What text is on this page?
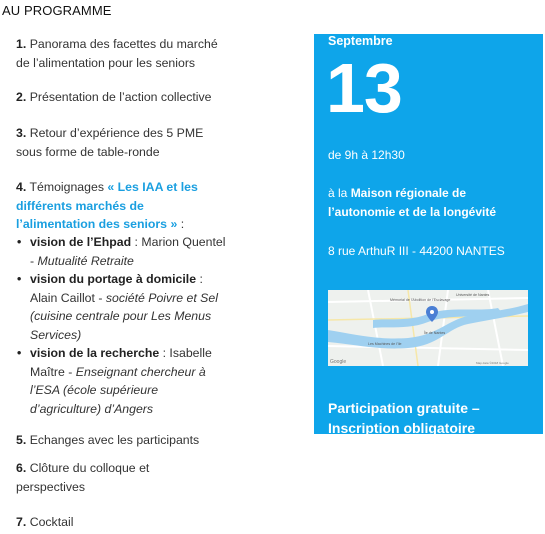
AU PROGRAMME
1. Panorama des facettes du marché de l’alimentation pour les seniors
2. Présentation de l’action collective
3. Retour d’expérience des 5 PME sous forme de table-ronde
4. Témoignages « Les IAA et les différents marchés de l’alimentation des seniors » :
• vision de l’Ehpad : Marion Quentel - Mutualité Retraite
• vision du portage à domicile : Alain Caillot - société Poivre et Sel (cuisine centrale pour Les Menus Services)
• vision de la recherche : Isabelle Maître - Enseignant chercheur à l’ESA (école supérieure d’agriculture) d’Angers
5. Echanges avec les participants
6. Clôture du colloque et perspectives
7. Cocktail
Septembre
13
de 9h à 12h30
à la Maison régionale de l’autonomie et de la longévité
8 rue ArthuR III - 44200 NANTES
Mémorial de l’Abolition de l’Esclavage
Université de Nantes
Île de Nantes
Les Machines de l’île
Google	Map data ©2018 Google
Participation gratuite –
Inscription obligatoire
